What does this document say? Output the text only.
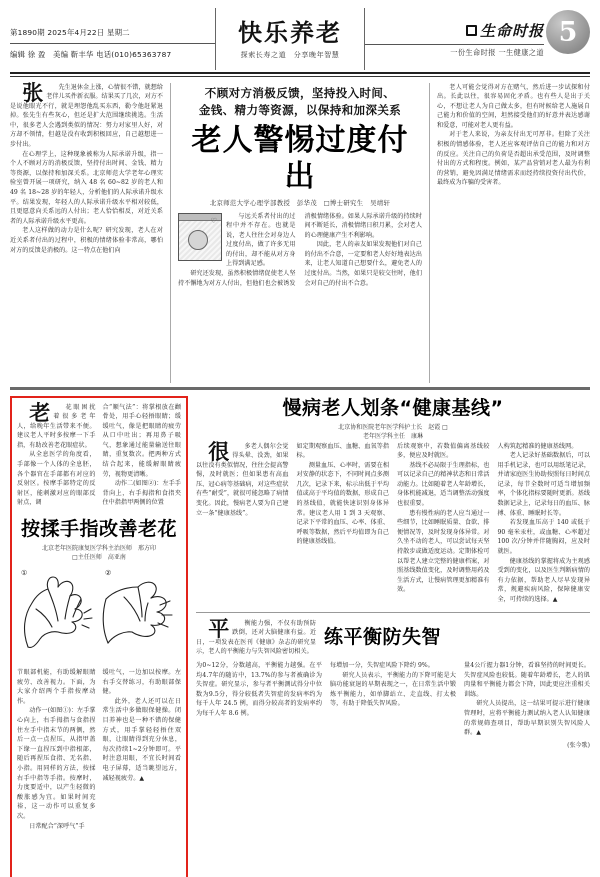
第1890期 2025年4月22日 星期二
编辑 徐 盈　美编 靳丰华 电话(010)65363787
快乐养老
探索长寿之道　分享晚年智慧
生命时报
一份生命时报 一生健康之道
5

张 先生退休金上涨，心情很不错，就想给老伴儿买件新衣服。结果买了几次，对方不是说他眼光不行，就是埋怨他乱买东西，勒令他赶紧退掉。张先生有些灰心，但还是扩大范围继续挑选。生活中，很多老人会遇到类似的情况：努力对家里人好，对方却不领情，但越是没有收到积极回应，自己越想进一步付出。

在心理学上，这种现象被称为人际承诺升级，指一个人不顾对方的消极反馈，坚持付出时间、金钱、精力等资源，以保持和加深关系。北京师范大学老年心理实验室曾开展一项研究，纳入 48 名 60~82 岁的老人和 49 名 18~28 岁的年轻人，分析他们的人际承诺升级水平。结果发现，年轻人的人际承诺升级水平相对较低，且更愿意向关系远的人付出；老人恰恰相反，对近关系者的人际承诺升级水平更高。

老人这样做的动力是什么呢？研究发现，老人在对近关系者付出的过程中，积极的情绪体验非常高，哪怕对方的反馈是消极的。这一特点在他们向

不顾对方消极反馈，坚持投入时间、
金钱、精力等资源，以保持和加深关系
老人警惕过度付出
北京师范大学心理学部教授　彭华茂　□博士研究生　吴靖轩
♡

与远关系者付出的过程中并不存在。也就是说，老人往往会对身边人过度付出，做了许多无用的付出，却不能从对方身上得到满足感。

研究还发现，虽然积极情绪促使老人坚持不懈地为对方人付出，但他们也会被诱发消极情绪体验。如果人际承诺升级的持续时间不断延长，消极情绪日积月累，会对老人的心理健康产生不利影响。

因此，老人的亲友如果发现他们对自己的付出不合意，一定要和老人好好地表达出来，让老人知道自己想要什么，避免老人的过度付出。当然，如果只是较交往时，他们会对自己的付出不合意。

老人可能会觉得对方在赌气，然后进一步试探和付出。长此以往，很容易固化矛盾。也有些人是出于关心，不想让老人为自己做太多，但有时候给老人施展自己能力和价值的空间，坦然接受他们的好意并表达感谢和爱意，可能对老人更有益。

对于老人来说，为亲友付出无可厚非。但除了关注积极的情感体验，老人还应客观评估自己的能力和对方的反应。关注自己的负荷是否超出承受范围，及时调整付出的方式和程度。例如，某产品营销对老人最为有利的营销，避免因满足情绪需求而经持续投资付出代价，最终成为诈骗的受害者。

老 花眼困扰着很多老年人，给晚年生活带来不便。建议老人平时多按摩一下手指，有助改善老花眼症状。

从全息医学的角度看，手部像一个人体的全息胚，各个器官在手部都有对应的反射区。按摩手部特定的反射区，能刺激对应的眼部反射点，调

合“顺气法”：将掌根放在颧骨处，用手心轻捂眼睛；缓缓吐气，像是把眼睛的疲劳从口中吐出；再用鼻子吸气，想象通过能量输送往眼睛，重复数次。把两种方式结合起来，能缓解眼睛疲劳，视物更清晰。

动作二(如图②)：左手手背向上，右手拇指和食指夹住中指指甲两侧的位置

按揉手指改善老花
北京老年医院康复医学科主治医师　邢方印
□主任医师　高亚南
①	②

节眼部机能，有助缓解眼睛疲劳、改善视力。下面，为大家介绍两个手指按摩动作。

动作一(如图①)：左手掌心向上，右手拇指与食指捏住左手中指末节的两侧，然后一点一点捏压，从指甲盖下缘一直捏压到中指根部，随后再捏压食指、无名指、小指。用同样的方法，按揉右手中指等手指。按摩时，力度要适中，以产生轻微的酸胀感为宜。如果时间充裕，这一动作可以重复多次。

日常配合“深呼气”手

缓吐气，一边加以按摩。左右手交替练习，有助眼部保健。

此外，老人还可以在日常生活中多做眼保健操。闭目养神也是一种不错的保健方式，用手掌轻轻捂住双眼，让眼睛得到充分休息，每次持续1~2分钟即可。平时注意用眼，不宜长时间看电子屏幕，适当眺望远方，减轻视疲劳。▲

慢病老人划条“健康基线”
北京协和医院老年医学科护士长　赵霞 □
老年医学科主任　康琳

很 多老人偶尔会觉得头晕、没劲，如果以往没有类似情况，往往会提高警惕，及时就医；但如果患有高血压、冠心病等基础病，对这些症状有些“耐受”，就很可能忽略了病情变化。因此，慢病老人要为自己建立一条“健康基线”。

如定期观察血压、血糖、血氧等指标。

测量血压、心率时，需要在相对安静的状态下，不同时间点多测几次，记录下来，标示出低于平均值或高于平均值的数据，形成自己的基线值，就能快速识别身体异常。建议老人用 1 到 3 天观察、记录下平常的血压、心率、体重、呼吸等数据，然后平均值即为自己的健康基线值。

后续观察中，若数值偏离基线较多，便应及时就医。

基线不必局限于生理指标，也可以记录自己的精神状态和日常活动能力。比如随着老人年龄增长，身体机能减退，适当调整活动强度也很重要。

患有慢性病的老人应当通过一些细节，比如睡眠质量、食欲、排便情况等，及时发现身体异常。对久坐不动的老人，可以尝试每天坚持散步或做适度运动。定期体检可以帮老人建立完整的健康档案，对照基线数值变化，及时调整用药及生活方式，让慢病管理更加精准有效。

人构筑起精准的健康基线网。

老人记录好基础数据后，可以用手机记录，也可以用纸笔记录，并请家庭医生协助按照每日时间点记录，每节全数时可适当增加频率，个体化指标要随时更新。基线数据记录上，记录每日的血压、脉搏、体重、睡眠时长等。

若发现血压高于 140 或低于 90 毫米汞柱，或血糖、心率超过 100 次/分钟并伴随胸闷，应及时就医。

健康基线的掌握将成为主观感受到的变化，以及医生判断病情的有力依据，帮助老人尽早发现异常，规避疾病风险，保障健康安全，可持续的选择。▲

平 衡能力强，不仅有助预防跌倒，还对大脑健康有益。近日，一项发表在医刊《健康》杂志的研究显示，老人的平衡能力与失智风险密切相关。

练平衡防失智

为0~12分，分数越高，平衡能力越强。在平均4.7年的随访中，13.7%的参与者被确诊为失智症。研究显示，参与者平衡测试得分中位数为9.5分，得分较低者失智症的发病率约为每千人年 24.5 例，而得分较高者的发病率约为每千人年 8.6 例。

每增加一分，失智症风险下降约 9%。

研究人员表示，平衡能力的下降可能是大脑功能衰退的早期表现之一，在日常生活中锻炼平衡能力，如单脚站立、走直线、打太极等，有助于降低失智风险。

量4公斤握力器1分钟，看谁坚持的时间更长。失智症风险也较低。随着年龄增长，老人的肌肉量和平衡能力都会下降，因此更应注重相关训练。

研究人员提出，这一结果可提示进行健康管理时，应将平衡能力测试纳入老人认知健康的常规筛查项目，帮助早期识别失智风险人群。▲

(张今歌)
